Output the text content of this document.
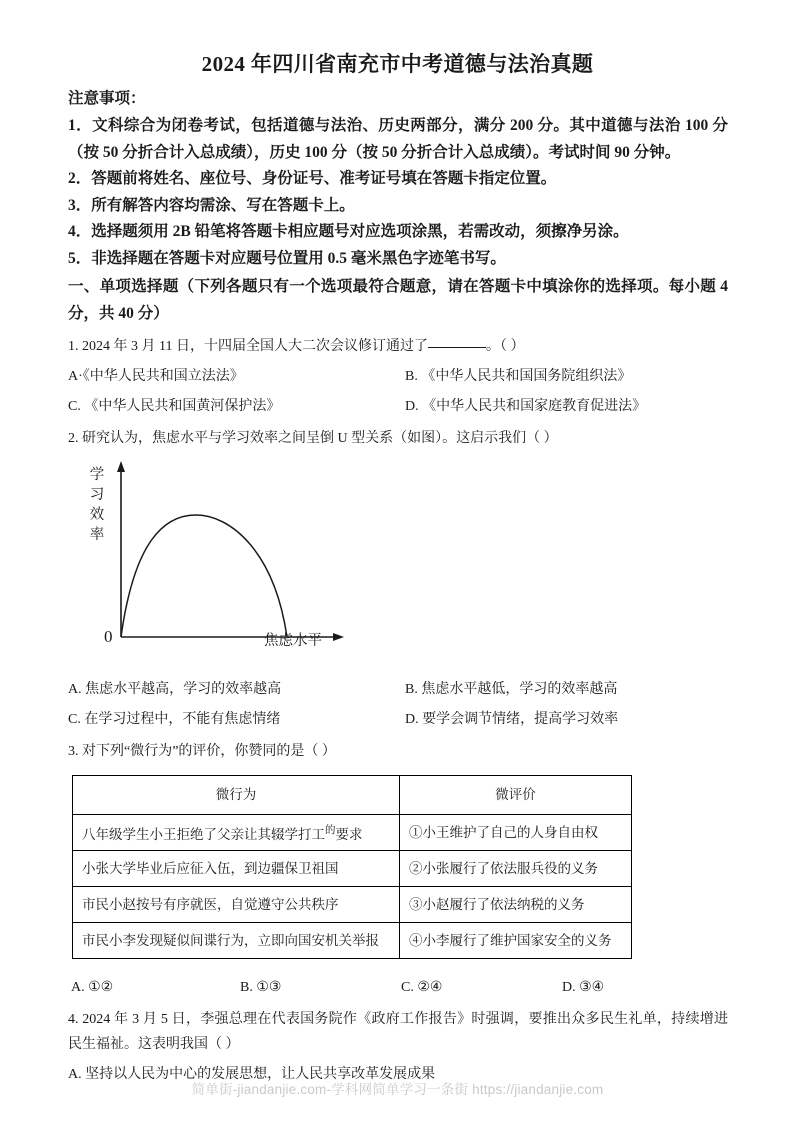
2024 年四川省南充市中考道德与法治真题
注意事项：
1．文科综合为闭卷考试，包括道德与法治、历史两部分，满分 200 分。其中道德与法治 100 分（按 50 分折合计入总成绩），历史 100 分（按 50 分折合计入总成绩）。考试时间 90 分钟。
2．答题前将姓名、座位号、身份证号、准考证号填在答题卡指定位置。
3．所有解答内容均需涂、写在答题卡上。
4．选择题须用 2B 铅笔将答题卡相应题号对应选项涂黑，若需改动，须擦净另涂。
5．非选择题在答题卡对应题号位置用 0.5 毫米黑色字迹笔书写。
一、单项选择题（下列各题只有一个选项最符合题意，请在答题卡中填涂你的选择项。每小题 4 分，共 40 分）
1. 2024 年 3 月 11 日，十四届全国人大二次会议修订通过了	。（ ）
A·《中华人民共和国立法法》	B. 《中华人民共和国国务院组织法》
C. 《中华人民共和国黄河保护法》	D. 《中华人民共和国家庭教育促进法》
2. 研究认为，焦虑水平与学习效率之间呈倒 U 型关系（如图）。这启示我们（ ）
学
习
效
率
0	焦虑水平
A. 焦虑水平越高，学习的效率越高	B. 焦虑水平越低，学习的效率越高
C. 在学习过程中，不能有焦虑情绪	D. 要学会调节情绪，提高学习效率
3. 对下列“微行为”的评价，你赞同的是（ ）
微行为	微评价
八年级学生小王拒绝了父亲让其辍学打工$^的$要求	①小王维护了自己的人身自由权
小张大学毕业后应征入伍，到边疆保卫祖国	②小张履行了依法服兵役的义务
市民小赵按号有序就医，自觉遵守公共秩序	③小赵履行了依法纳税的义务
市民小李发现疑似间谍行为，立即向国安机关举报	④小李履行了维护国家安全的义务
A. ①②	B. ①③	C. ②④	D. ③④
4. 2024 年 3 月 5 日，李强总理在代表国务院作《政府工作报告》时强调，要推出众多民生礼单，持续增进民生福祉。这表明我国（ ）
A. 坚持以人民为中心的发展思想，让人民共享改革发展成果
简单街-jiandanjie.com-学科网简单学习一条街 https://jiandanjie.com
